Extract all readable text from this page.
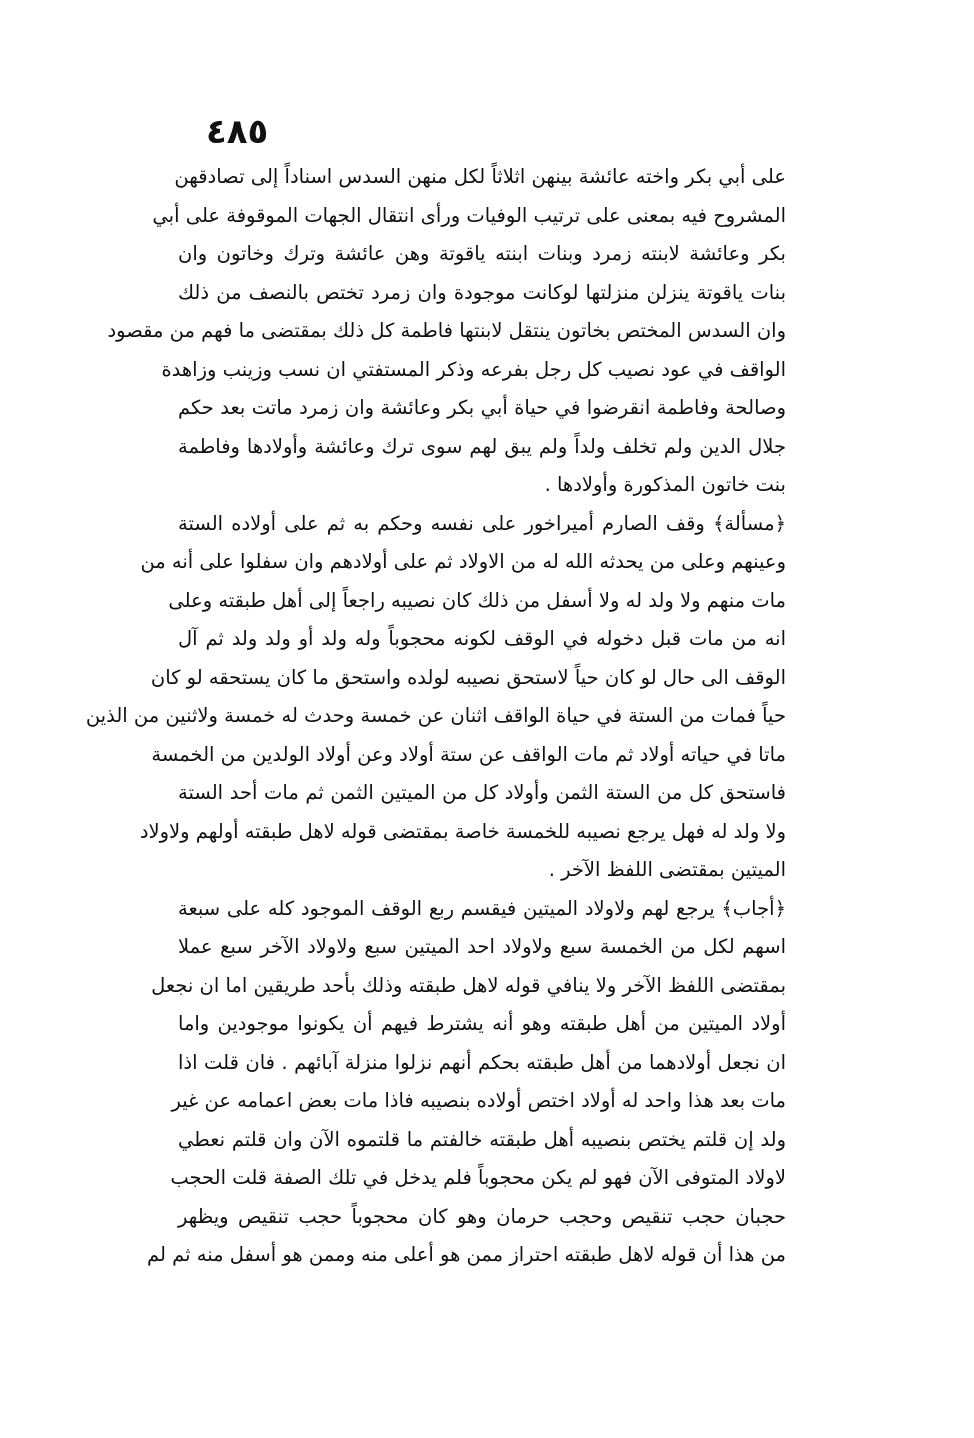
٤٨٥
على أبي بكر واخته عائشة بينهن اثلاثاً لكل منهن السدس اسناداً إلى تصادقهن
المشروح فيه بمعنى على ترتيب الوفيات ورأى انتقال الجهات الموقوفة على أبي
بكر وعائشة لابنته زمرد وبنات ابنته ياقوتة وهن عائشة وترك وخاتون وان
بنات ياقوتة ينزلن منزلتها لوكانت موجودة وان زمرد تختص بالنصف من ذلك
وان السدس المختص بخاتون ينتقل لابنتها فاطمة كل ذلك بمقتضى ما فهم من مقصود
الواقف في عود نصيب كل رجل بفرعه وذكر المستفتي ان نسب وزينب وزاهدة
وصالحة وفاطمة انقرضوا في حياة أبي بكر وعائشة وان زمرد ماتت بعد حكم
جلال الدين ولم تخلف ولداً ولم يبق لهم سوى ترك وعائشة وأولادها وفاطمة
بنت خاتون المذكورة وأولادها .
﴿مسألة﴾ وقف الصارم أميراخور على نفسه وحكم به ثم على أولاده الستة
وعينهم وعلى من يحدثه الله له من الاولاد ثم على أولادهم وان سفلوا على أنه من
مات منهم ولا ولد له ولا أسفل من ذلك كان نصيبه راجعاً إلى أهل طبقته وعلى
انه من مات قبل دخوله في الوقف لكونه محجوباً وله ولد أو ولد ولد ثم آل
الوقف الى حال لو كان حياً لاستحق نصيبه لولده واستحق ما كان يستحقه لو كان
حياً فمات من الستة في حياة الواقف اثنان عن خمسة وحدث له خمسة ولاثنين من الذين
ماتا في حياته أولاد ثم مات الواقف عن ستة أولاد وعن أولاد الولدين من الخمسة
فاستحق كل من الستة الثمن وأولاد كل من الميتين الثمن ثم مات أحد الستة
ولا ولد له فهل يرجع نصيبه للخمسة خاصة بمقتضى قوله لاهل طبقته أولهم ولاولاد
الميتين بمقتضى اللفظ الآخر .
﴿أجاب﴾ يرجع لهم ولاولاد الميتين فيقسم ربع الوقف الموجود كله على سبعة
اسهم لكل من الخمسة سبع ولاولاد احد الميتين سبع ولاولاد الآخر سبع عملا
بمقتضى اللفظ الآخر ولا ينافي قوله لاهل طبقته وذلك بأحد طريقين اما ان نجعل
أولاد الميتين من أهل طبقته وهو أنه يشترط فيهم أن يكونوا موجودين واما
ان نجعل أولادهما من أهل طبقته بحكم أنهم نزلوا منزلة آبائهم . فان قلت اذا
مات بعد هذا واحد له أولاد اختص أولاده بنصيبه فاذا مات بعض اعمامه عن غير
ولد إن قلتم يختص بنصيبه أهل طبقته خالفتم ما قلتموه الآن وان قلتم نعطي
لاولاد المتوفى الآن فهو لم يكن محجوباً فلم يدخل في تلك الصفة قلت الحجب
حجبان حجب تنقيص وحجب حرمان وهو كان محجوباً حجب تنقيص ويظهر
من هذا أن قوله لاهل طبقته احتراز ممن هو أعلى منه وممن هو أسفل منه ثم لم
